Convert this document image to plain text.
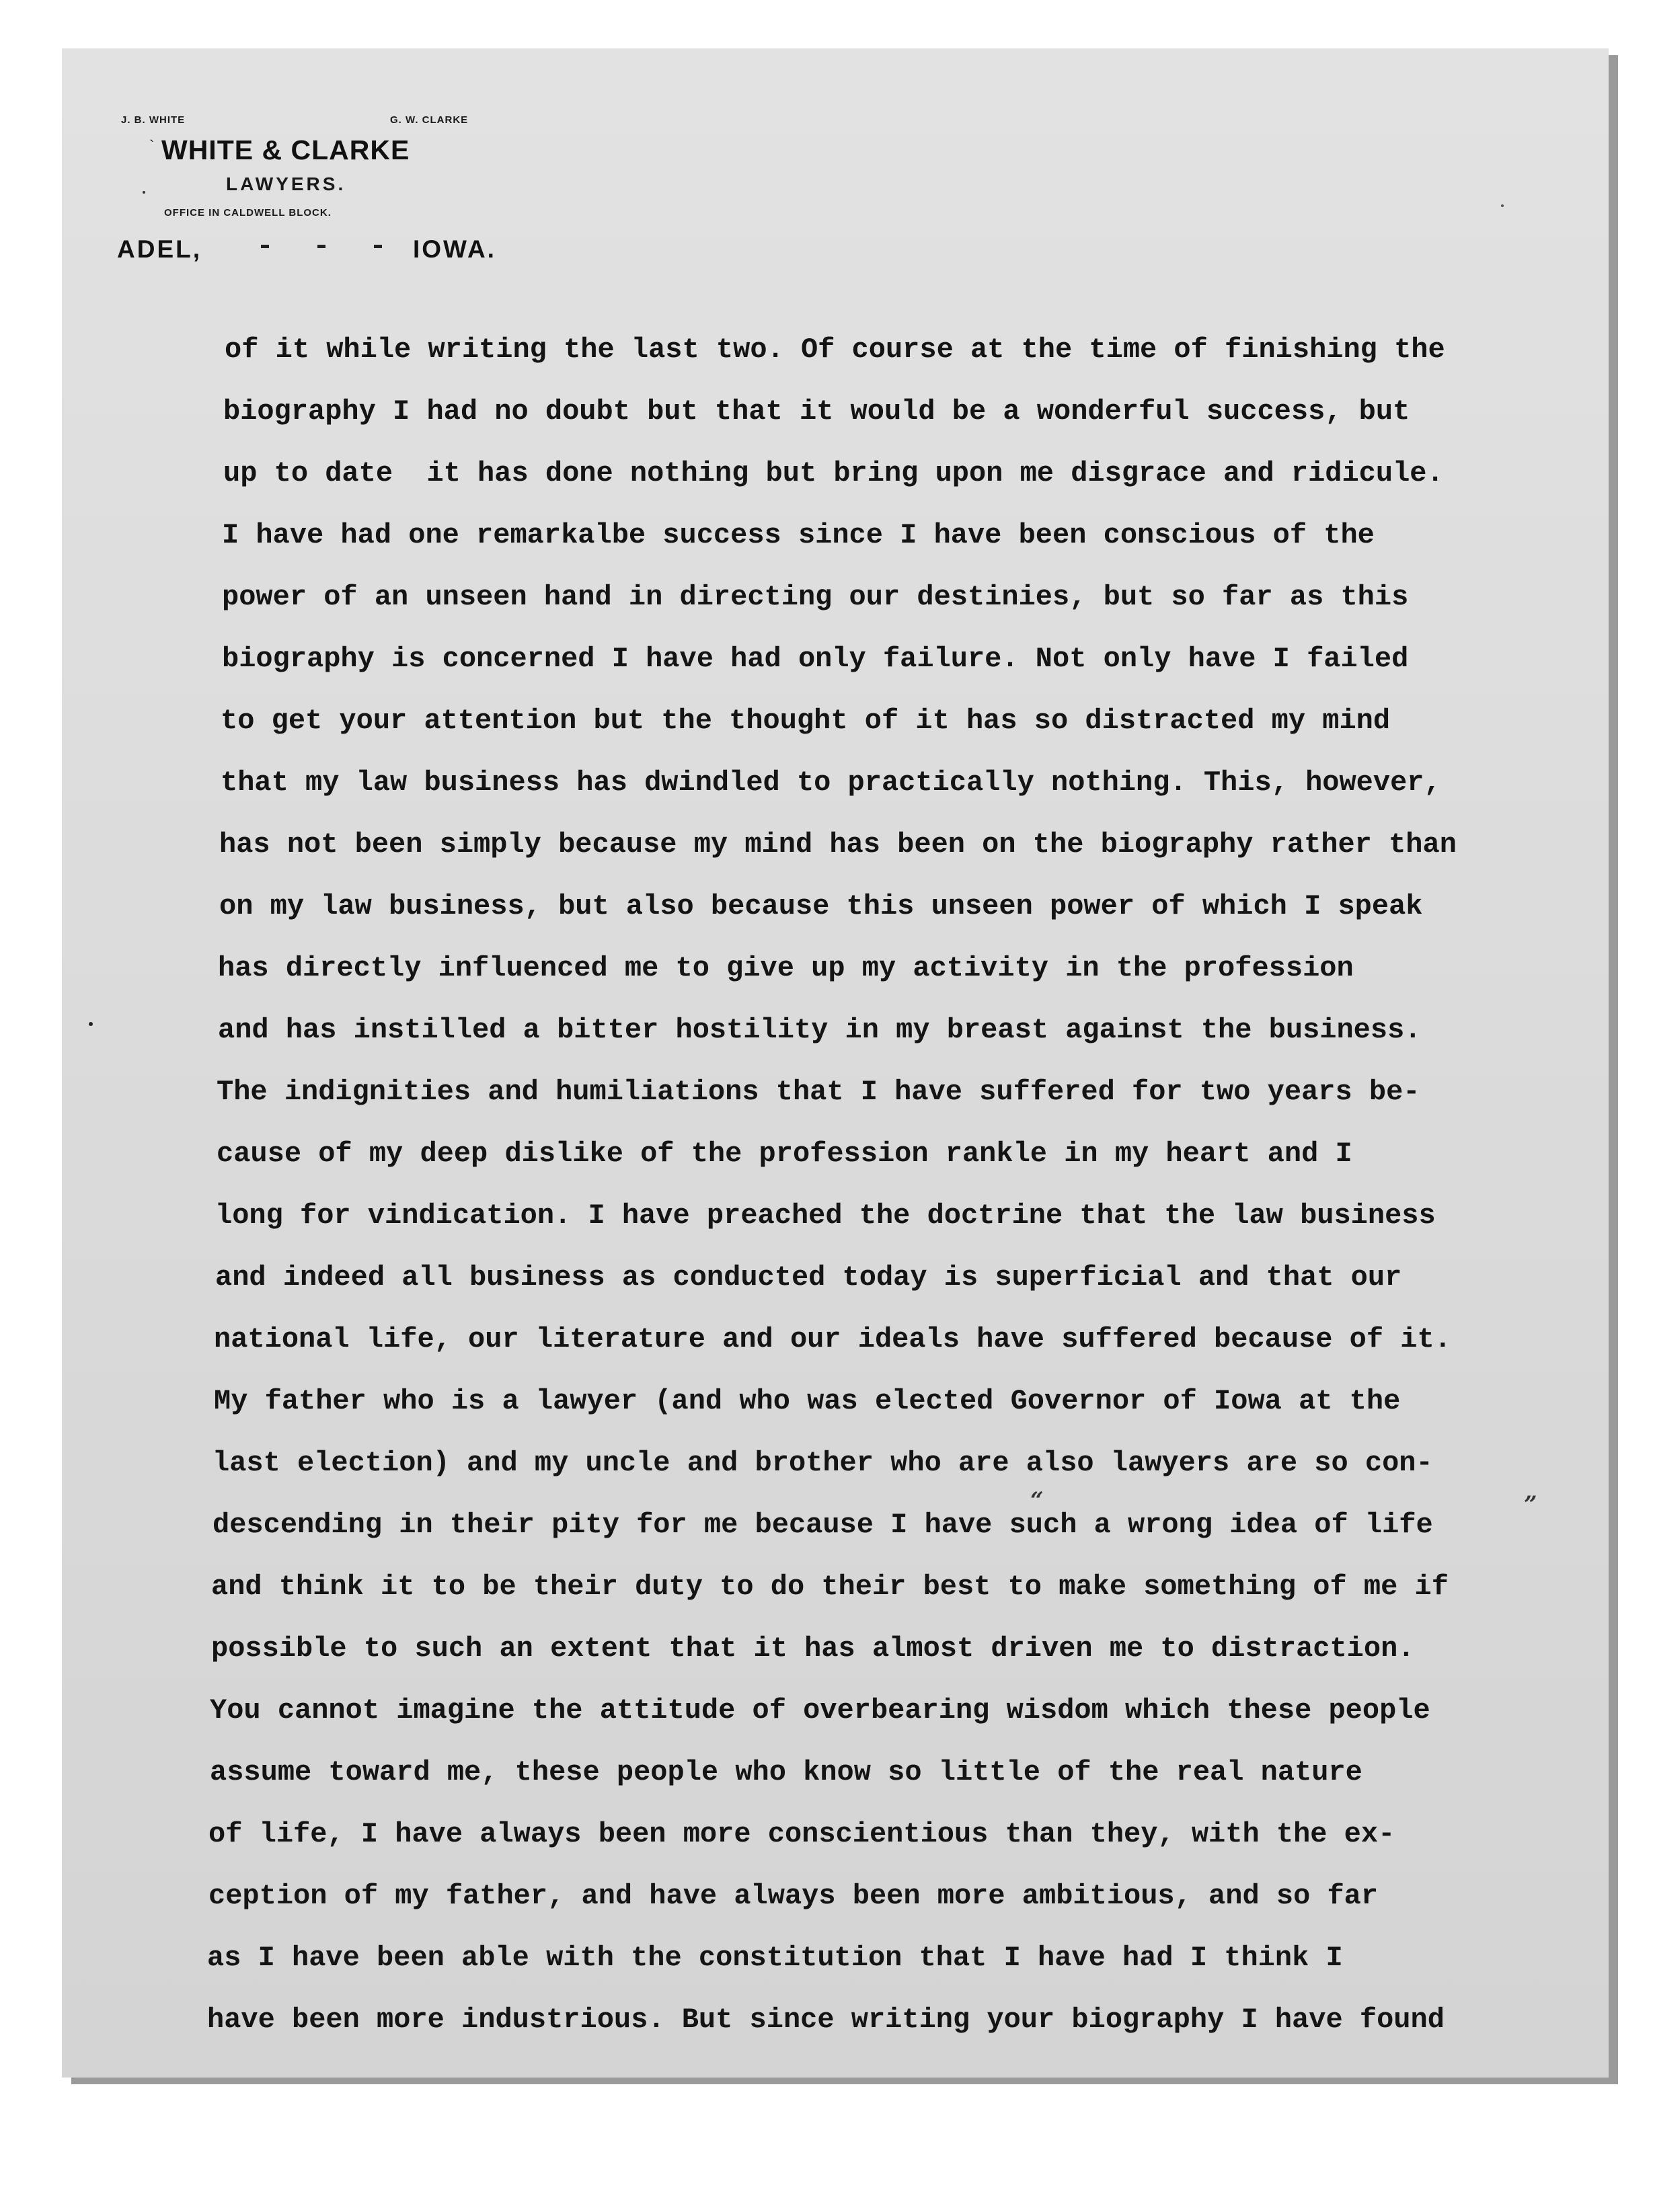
J. B. WHITE	G. W. CLARKE
` WHITE & CLARKE
LAWYERS.
OFFICE IN CALDWELL BLOCK.
ADEL,	IOWA.

of it while writing the last two. Of course at the time of finishing the

biography I had no doubt but that it would be a wonderful success, but

up to date  it has done nothing but bring upon me disgrace and ridicule.

I have had one remarkalbe success since I have been conscious of the

power of an unseen hand in directing our destinies, but so far as this

biography is concerned I have had only failure. Not only have I failed

to get your attention but the thought of it has so distracted my mind

that my law business has dwindled to practically nothing. This, however,

has not been simply because my mind has been on the biography rather than

on my law business, but also because this unseen power of which I speak

has directly influenced me to give up my activity in the profession

and has instilled a bitter hostility in my breast against the business.

The indignities and humiliations that I have suffered for two years be-

cause of my deep dislike of the profession rankle in my heart and I

long for vindication. I have preached the doctrine that the law business

and indeed all business as conducted today is superficial and that our

national life, our literature and our ideals have suffered because of it.

My father who is a lawyer (and who was elected Governor of Iowa at the

last election) and my uncle and brother who are also lawyers are so con-

descending in their pity for me because I have such a wrong idea of life

and think it to be their duty to do their best to make something of me if

possible to such an extent that it has almost driven me to distraction.

You cannot imagine the attitude of overbearing wisdom which these people

assume toward me, these people who know so little of the real nature

of life, I have always been more conscientious than they, with the ex-

ception of my father, and have always been more ambitious, and so far

as I have been able with the constitution that I have had I think I

have been more industrious. But since writing your biography I have found

“	”
